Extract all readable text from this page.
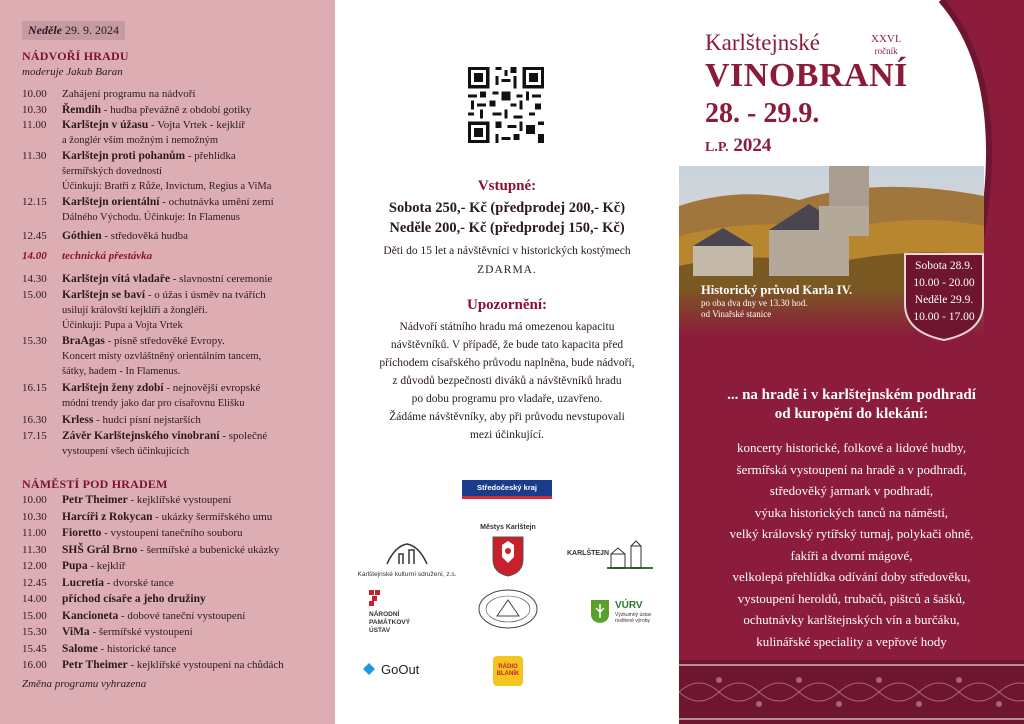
Neděle 29. 9. 2024
NÁDVOŘÍ HRADU
moderuje Jakub Baran
10.00	Zahájení programu na nádvoří
10.30	Řemdih - hudba převážně z období gotiky
11.00	Karlštejn v úžasu - Vojta Vrtek - kejklíř
a žonglér vším možným i nemožným
11.30	Karlštejn proti pohanům - přehlídka
šermířských dovedností
Účinkují: Bratři z Růže, Invictum, Regius a ViMa
12.15	Karlštejn orientální - ochutnávka umění zemí
Dálného Východu. Účinkuje: In Flamenus
12.45	Góthien - středověká hudba
14.00	technická přestávka
14.30	Karlštejn vítá vladaře - slavnostní ceremonie
15.00	Karlštejn se baví - o úžas i úsměv na tvářích
usilují královští kejklíři a žongléři.
Účinkují: Pupa a Vojta Vrtek
15.30	BraAgas - písně středověké Evropy.
Koncert místy ozvláštněný orientálním tancem,
šátky, hadem - In Flamenus.
16.15	Karlštejn ženy zdobí - nejnovější evropské
módní trendy jako dar pro císařovnu Elišku
16.30	Krless - hudci písní nejstarších
17.15	Závěr Karlštejnského vinobraní - společné
vystoupení všech účinkujících
NÁMĚSTÍ POD HRADEM
10.00	Petr Theimer - kejklířské vystoupení
10.30	Harcíři z Rokycan - ukázky šermířského umu
11.00	Fioretto - vystoupení tanečního souboru
11.30	SHŠ Grál Brno - šermířské a bubenické ukázky
12.00	Pupa - kejklíř
12.45	Lucretia - dvorské tance
14.00	příchod císaře a jeho družiny
15.00	Kancioneta - dobové taneční vystoupení
15.30	ViMa - šermířské vystoupení
15.45	Salome - historické tance
16.00	Petr Theimer - kejklířské vystoupení na chůdách
Změna programu vyhrazena
Vstupné:
Sobota 250,- Kč (předprodej 200,- Kč)
Neděle 200,- Kč (předprodej 150,- Kč)
Děti do 15 let a návštěvníci v historických kostýmech
ZDARMA.
Upozornění:
Nádvoří státního hradu má omezenou kapacitu
návštěvníků. V případě, že bude tato kapacita před
příchodem císařského průvodu naplněna, bude nádvoří,
z důvodů bezpečnosti diváků a návštěvníků hradu
po dobu programu pro vladaře, uzavřeno.
Žádáme návštěvníky, aby při průvodu nevstupovali
mezi účinkující.
Středočeský kraj
Městys Karlštejn
Karlštejnské kulturní sdružení, z.s.
KARLŠTEJN
NÁRODNÍ
PAMÁTKOVÝ
ÚSTAV
VÚRV
Výzkumný ústav
rostlinné výroby
GoOut	RÁDIO
BLANÍK
Karlštejnské	XXVI.
ročník
VINOBRANÍ
28. - 29.9.
L.P. 2024
Historický průvod Karla IV.
po oba dva dny ve 13.30 hod.
od Vinařské stanice
Sobota 28.9.
10.00 - 20.00
Neděle 29.9.
10.00 - 17.00
... na hradě i v karlštejnském podhradí
od kuropění do klekání:
koncerty historické, folkové a lidové hudby,
šermířská vystoupení na hradě a v podhradí,
středověký jarmark v podhradí,
výuka historických tanců na náměstí,
velký královský rytířský turnaj, polykači ohně,
fakíři a dvorní mágové,
velkolepá přehlídka odívání doby středověku,
vystoupení heroldů, trubačů, pištců a šašků,
ochutnávky karlštejnských vín a burčáku,
kulinářské speciality a vepřové hody
